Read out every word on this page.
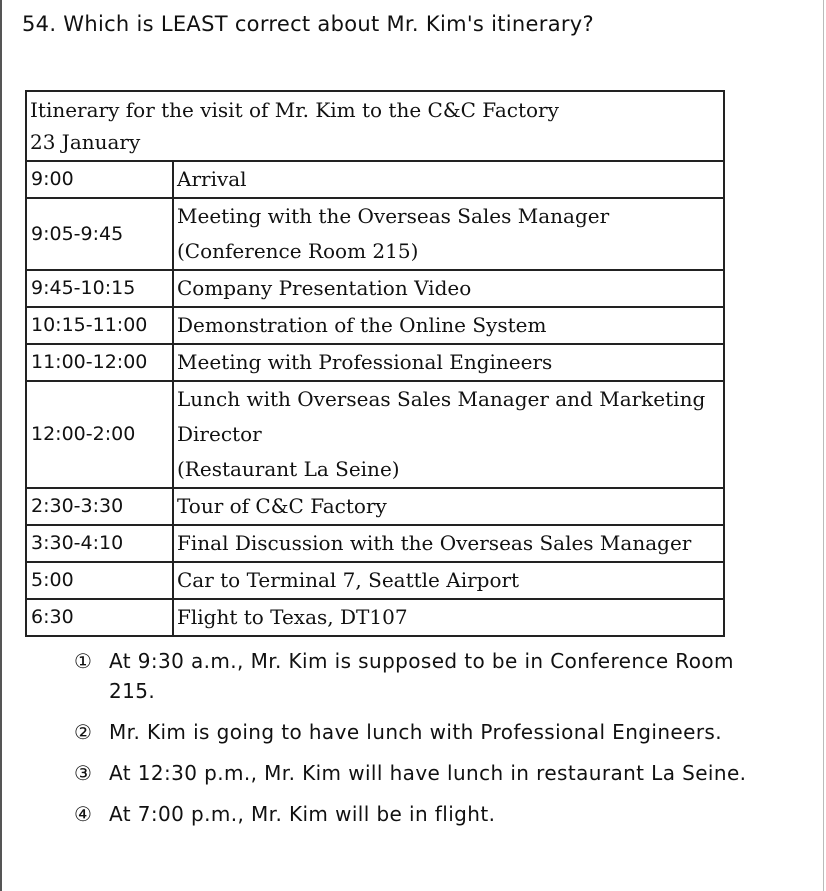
54. Which is LEAST correct about Mr. Kim's itinerary?
Itinerary for the visit of Mr. Kim to the C&C Factory
23 January	

9:00	Arrival
9:05-9:45	Meeting with the Overseas Sales Manager
(Conference Room 215)

9:45-10:15	Company Presentation Video
10:15-11:00	Demonstration of the Online System
11:00-12:00	Meeting with Professional Engineers
12:00-2:00	Lunch with Overseas Sales Manager and Marketing Director
(Restaurant La Seine)

2:30-3:30	Tour of C&C Factory
3:30-4:10	Final Discussion with the Overseas Sales Manager
5:00	Car to Terminal 7, Seattle Airport
6:30	Flight to Texas, DT107
① At 9:30 a.m., Mr. Kim is supposed to be in Conference Room 215.
② Mr. Kim is going to have lunch with Professional Engineers.
③ At 12:30 p.m., Mr. Kim will have lunch in restaurant La Seine.
④ At 7:00 p.m., Mr. Kim will be in flight.
